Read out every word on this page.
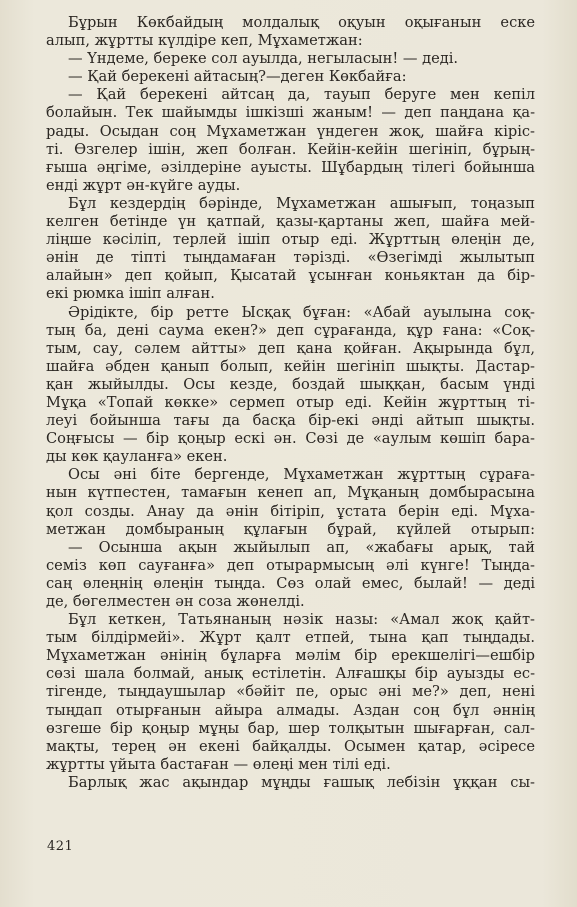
Бұрын Көкбайдың молдалық оқуын оқығанын ескe

алып, жұртты күлдіре кеп, Мұхаметжан:

— Үндеме, берекe сол ауылда, негыласын! — деді.

— Қай берекені айтасың?—деген Көкбайға:

— Қай берекені айтсаң да, тауып беруге мен кепіл

болайын. Тек шайымды ішкізші жаным! — деп паңдана қа-

рады. Осыдан соң Мұхаметжан үндеген жоқ, шайға кіріс-

ті. Өзгелер ішін, жеп болған. Кейін-кейін шегініп, бұрың-

ғыша әңгіме, әзілдеріне ауысты. Шұбардың тілегі бойынша

енді жұрт ән-күйге ауды.

Бұл кездердің бәрінде, Мұхаметжан ашығып, тоңазып

келген бетінде үн қатпай, қазы-қартаны жеп, шайға мей-

ліңше кәсіліп, терлей ішіп отыр еді. Жұрттың өлеңін де,

әнін де тіпті тыңдамаған тәрізді. «Өзегімді жылытып

алайын» деп қойып, Қысатай ұсынған коньяктан да бір-

екі рюмка ішіп алған.

Әрідікте, бір ретте Ысқақ бұған: «Абай ауылына соқ-

тың ба, дені саума екен?» деп сұрағанда, құр ғана: «Соқ-

тым, сау, сәлем айтты» деп қана қойған. Ақырында бұл,

шайға әбден қанып болып, кейін шегініп шықты. Дастар-

қан жыйылды. Осы кезде, боздай шыққан, басым үнді

Мұқа «Топай көкке» сермеп отыр еді. Кейін жұрттың ті-

леуі бойынша тағы да басқа бір-екі әнді айтып шықты.

Соңғысы — бір қоңыр ескі ән. Сөзі де «аулым көшіп бара-

ды көк қауланға» екен.

Осы әні біте бергенде, Мұхаметжан жұрттың сұраға-

нын күтпестен, тамағын кенеп ап, Мұқаның домбырасына

қол созды. Анау да әнін бітіріп, ұстата берін еді. Мұха-

метжан домбыраның құлағын бұрай, күйлей отырып:

— Осынша ақын жыйылып ап, «жабағы арық, тай

семіз көп сауғанға» деп отырармысың әлі күнге! Тыңда-

саң өлеңнің өлеңін тыңда. Сөз олай емес, былай! — деді

де, бөгелместен ән соза жөнелді.

Бұл кеткен, Татьянаның нәзік назы: «Амал жоқ қайт-

тым білдірмейі». Жұрт қалт етпей, тына қап тыңдады.

Мұхаметжан әнінің бұларға мәлім бір ерекшелігі—ешбір

сөзі шала болмай, анық естілетін. Алғашқы бір ауызды ес-

тігенде, тыңдаушылар «бәйіт пе, орыс әні ме?» деп, нені

тыңдап отырғанын айыра алмады. Аздан соң бұл әннің

өзгеше бір қоңыр мұңы бар, шер толқытын шығарған, сал-

мақты, терең ән екені байқалды. Осымен қатар, әсіресе

жұртты үйыта бастаған — өлеңі мен тілі еді.

Барлық жас ақындар мұңды ғашық лебізін ұққан сы-

421
